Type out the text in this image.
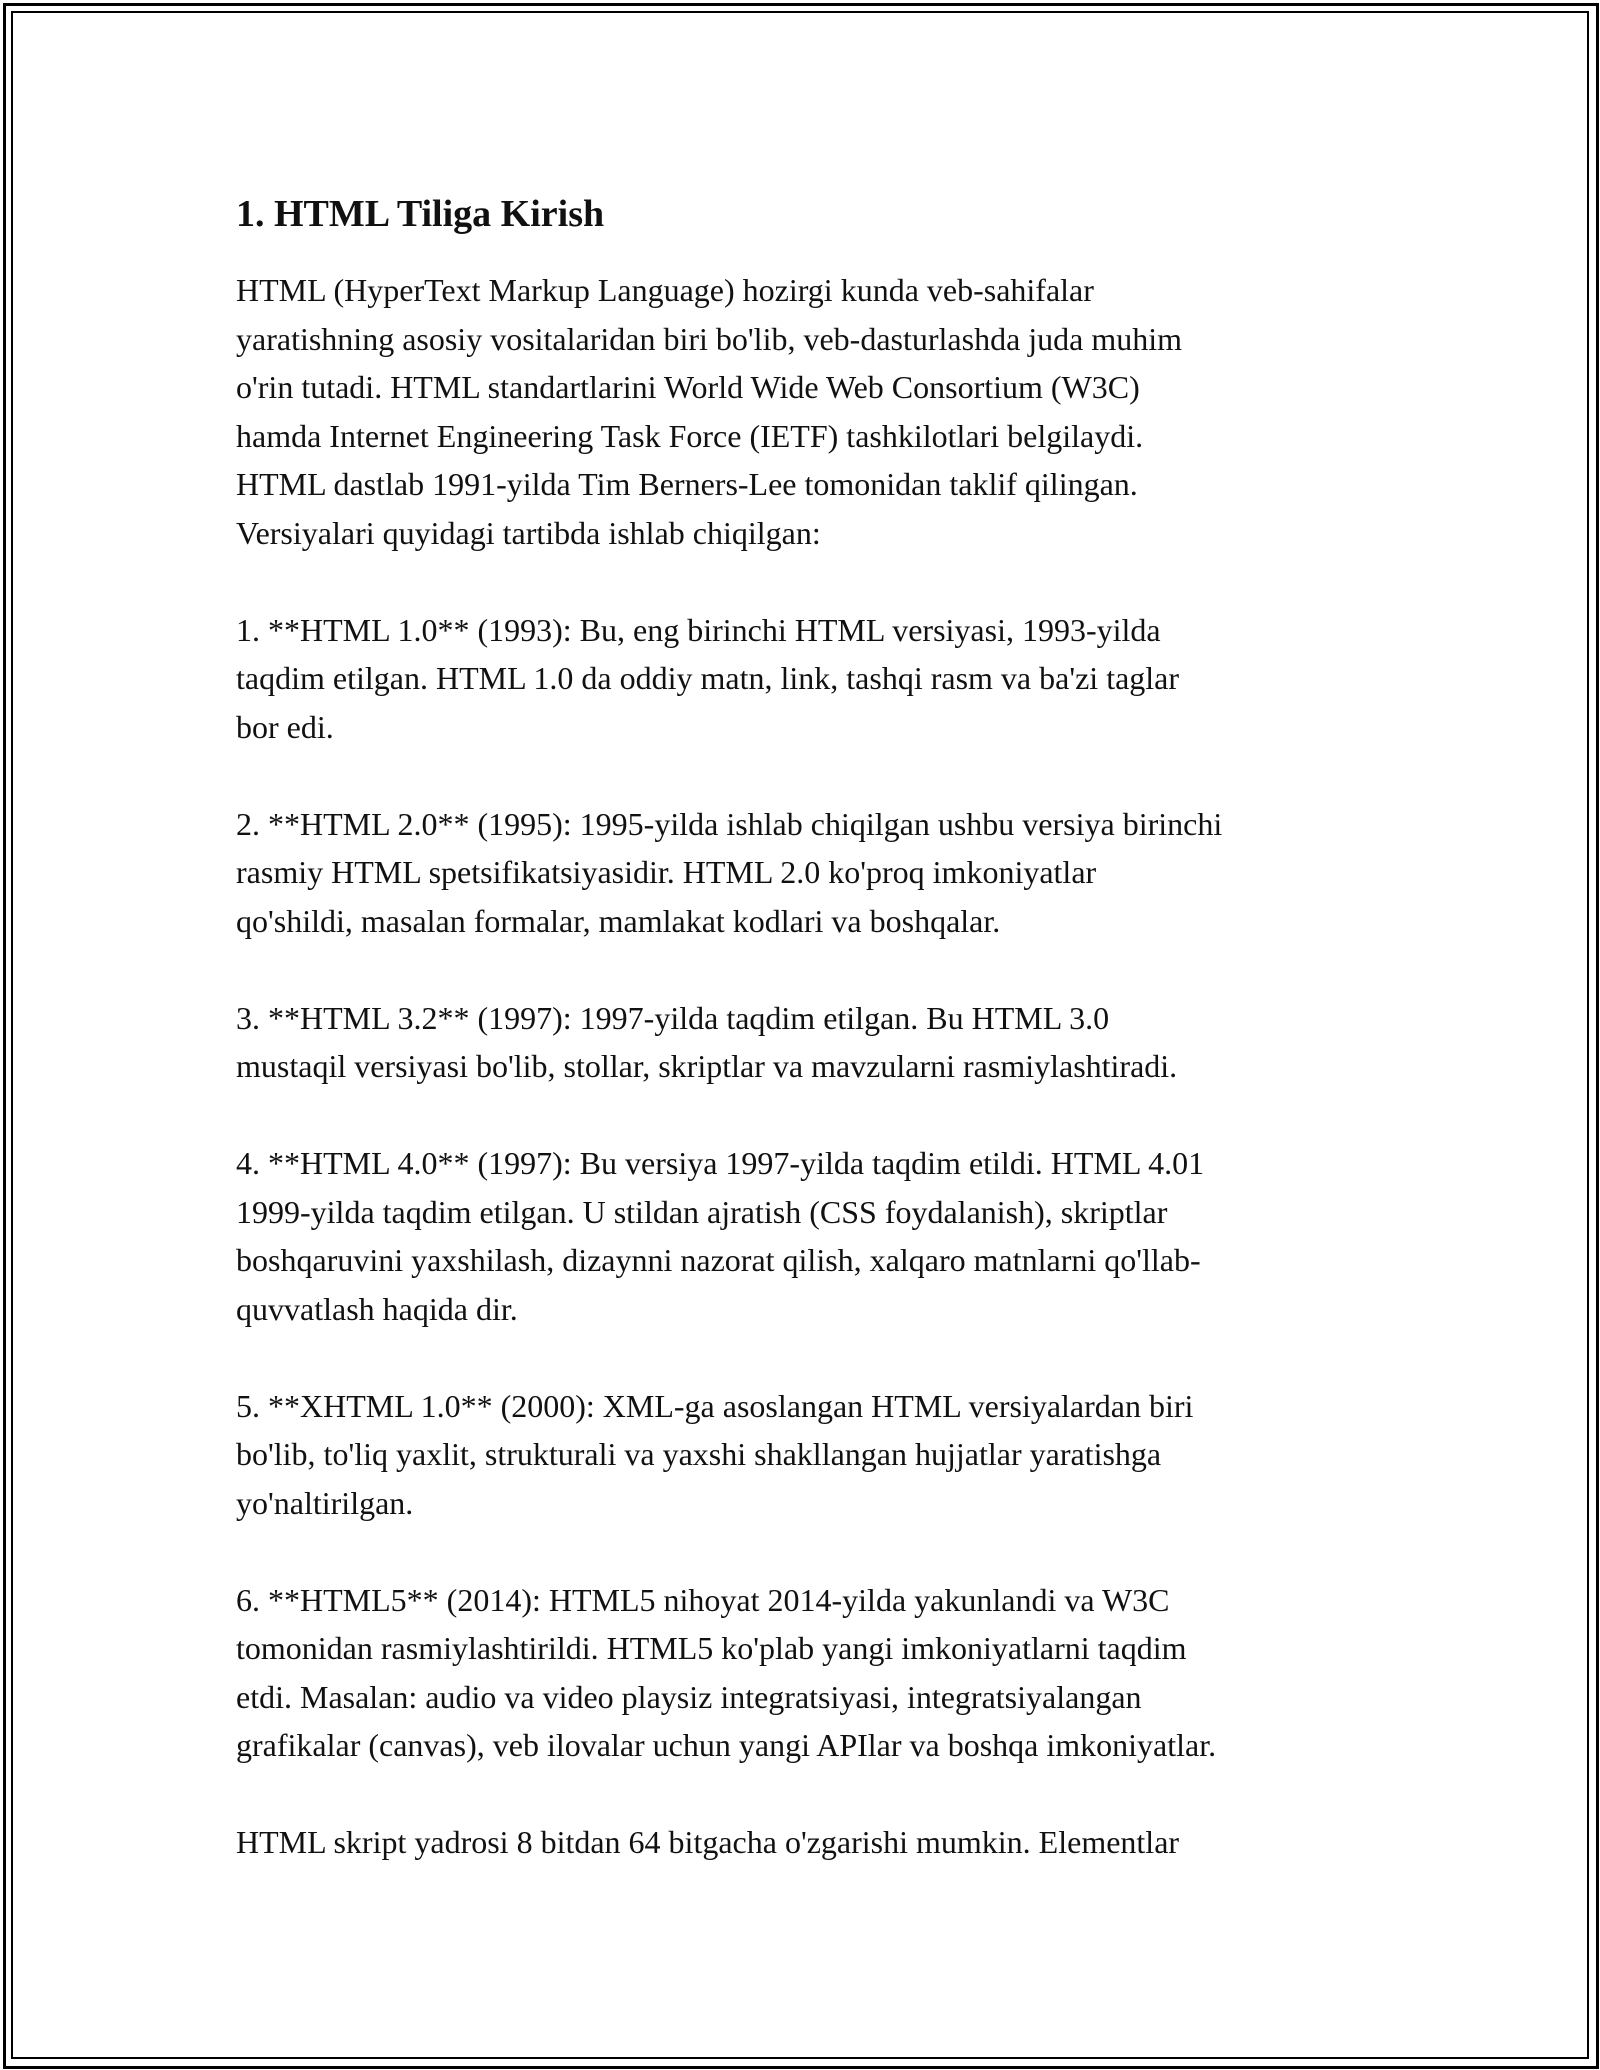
1. HTML Tiliga Kirish
HTML (HyperText Markup Language) hozirgi kunda veb-sahifalar
yaratishning asosiy vositalaridan biri bo'lib, veb-dasturlashda juda muhim
o'rin tutadi. HTML standartlarini World Wide Web Consortium (W3C)
hamda Internet Engineering Task Force (IETF) tashkilotlari belgilaydi.
HTML dastlab 1991-yilda Tim Berners-Lee tomonidan taklif qilingan.
Versiyalari quyidagi tartibda ishlab chiqilgan:
1. **HTML 1.0** (1993): Bu, eng birinchi HTML versiyasi, 1993-yilda
taqdim etilgan. HTML 1.0 da oddiy matn, link, tashqi rasm va ba'zi taglar
bor edi.
2. **HTML 2.0** (1995): 1995-yilda ishlab chiqilgan ushbu versiya birinchi
rasmiy HTML spetsifikatsiyasidir. HTML 2.0 ko'proq imkoniyatlar
qo'shildi, masalan formalar, mamlakat kodlari va boshqalar.
3. **HTML 3.2** (1997): 1997-yilda taqdim etilgan. Bu HTML 3.0
mustaqil versiyasi bo'lib, stollar, skriptlar va mavzularni rasmiylashtiradi.
4. **HTML 4.0** (1997): Bu versiya 1997-yilda taqdim etildi. HTML 4.01
1999-yilda taqdim etilgan. U stildan ajratish (CSS foydalanish), skriptlar
boshqaruvini yaxshilash, dizaynni nazorat qilish, xalqaro matnlarni qo'llab-
quvvatlash haqida dir.
5. **XHTML 1.0** (2000): XML-ga asoslangan HTML versiyalardan biri
bo'lib, to'liq yaxlit, strukturali va yaxshi shakllangan hujjatlar yaratishga
yo'naltirilgan.
6. **HTML5** (2014): HTML5 nihoyat 2014-yilda yakunlandi va W3C
tomonidan rasmiylashtirildi. HTML5 ko'plab yangi imkoniyatlarni taqdim
etdi. Masalan: audio va video playsiz integratsiyasi, integratsiyalangan
grafikalar (canvas), veb ilovalar uchun yangi APIlar va boshqa imkoniyatlar.
HTML skript yadrosi 8 bitdan 64 bitgacha o'zgarishi mumkin. Elementlar
